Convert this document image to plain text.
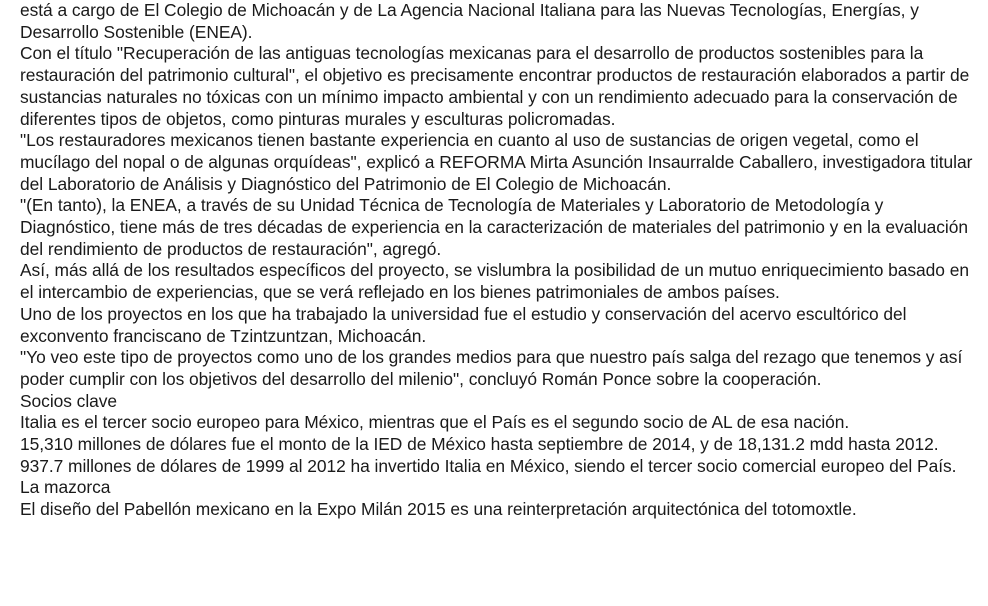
está a cargo de El Colegio de Michoacán y de La Agencia Nacional Italiana para las Nuevas Tecnologías, Energías, y Desarrollo Sostenible (ENEA).

Con el título "Recuperación de las antiguas tecnologías mexicanas para el desarrollo de productos sostenibles para la restauración del patrimonio cultural", el objetivo es precisamente encontrar productos de restauración elaborados a partir de sustancias naturales no tóxicas con un mínimo impacto ambiental y con un rendimiento adecuado para la conservación de diferentes tipos de objetos, como pinturas murales y esculturas policromadas.

"Los restauradores mexicanos tienen bastante experiencia en cuanto al uso de sustancias de origen vegetal, como el mucílago del nopal o de algunas orquídeas", explicó a REFORMA Mirta Asunción Insaurralde Caballero, investigadora titular del Laboratorio de Análisis y Diagnóstico del Patrimonio de El Colegio de Michoacán.

"(En tanto), la ENEA, a través de su Unidad Técnica de Tecnología de Materiales y Laboratorio de Metodología y Diagnóstico, tiene más de tres décadas de experiencia en la caracterización de materiales del patrimonio y en la evaluación del rendimiento de productos de restauración", agregó.

Así, más allá de los resultados específicos del proyecto, se vislumbra la posibilidad de un mutuo enriquecimiento basado en el intercambio de experiencias, que se verá reflejado en los bienes patrimoniales de ambos países.

Uno de los proyectos en los que ha trabajado la universidad fue el estudio y conservación del acervo escultórico del exconvento franciscano de Tzintzuntzan, Michoacán.

"Yo veo este tipo de proyectos como uno de los grandes medios para que nuestro país salga del rezago que tenemos y así poder cumplir con los objetivos del desarrollo del milenio", concluyó Román Ponce sobre la cooperación.

Socios clave

Italia es el tercer socio europeo para México, mientras que el País es el segundo socio de AL de esa nación.

15,310 millones de dólares fue el monto de la IED de México hasta septiembre de 2014, y de 18,131.2 mdd hasta 2012.

937.7 millones de dólares de 1999 al 2012 ha invertido Italia en México, siendo el tercer socio comercial europeo del País.

La mazorca

El diseño del Pabellón mexicano en la Expo Milán 2015 es una reinterpretación arquitectónica del totomoxtle.
